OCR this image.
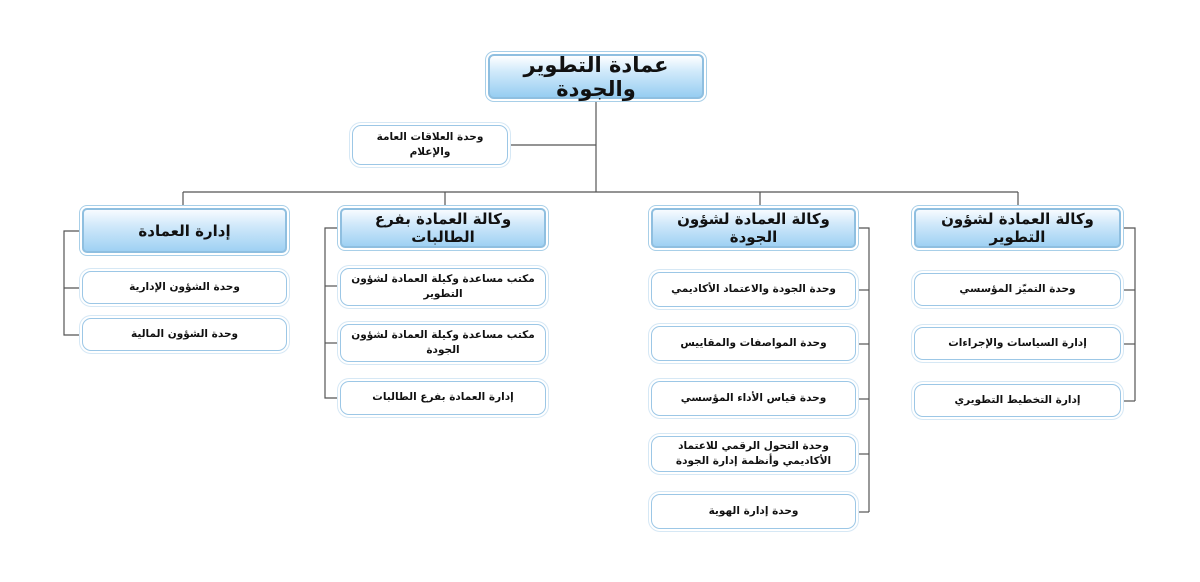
عمادة التطوير والجودة
وحدة العلاقات العامة والإعلام
وكالة العمادة لشؤون التطوير
وحدة التميّز المؤسسي
إدارة السياسات والإجراءات
إدارة التخطيط التطويري
وكالة العمادة لشؤون الجودة
وحدة الجودة والاعتماد الأكاديمي
وحدة المواصفات والمقاييس
وحدة قياس الأداء المؤسسي
وحدة التحول الرقمي للاعتماد الأكاديمي وأنظمة إدارة الجودة
وحدة إدارة الهوية
وكالة العمادة بفرع الطالبات
مكتب مساعدة وكيلة العمادة لشؤون التطوير
مكتب مساعدة وكيلة العمادة لشؤون الجودة
إدارة العمادة بفرع الطالبات
إدارة العمادة
وحدة الشؤون الإدارية
وحدة الشؤون المالية
